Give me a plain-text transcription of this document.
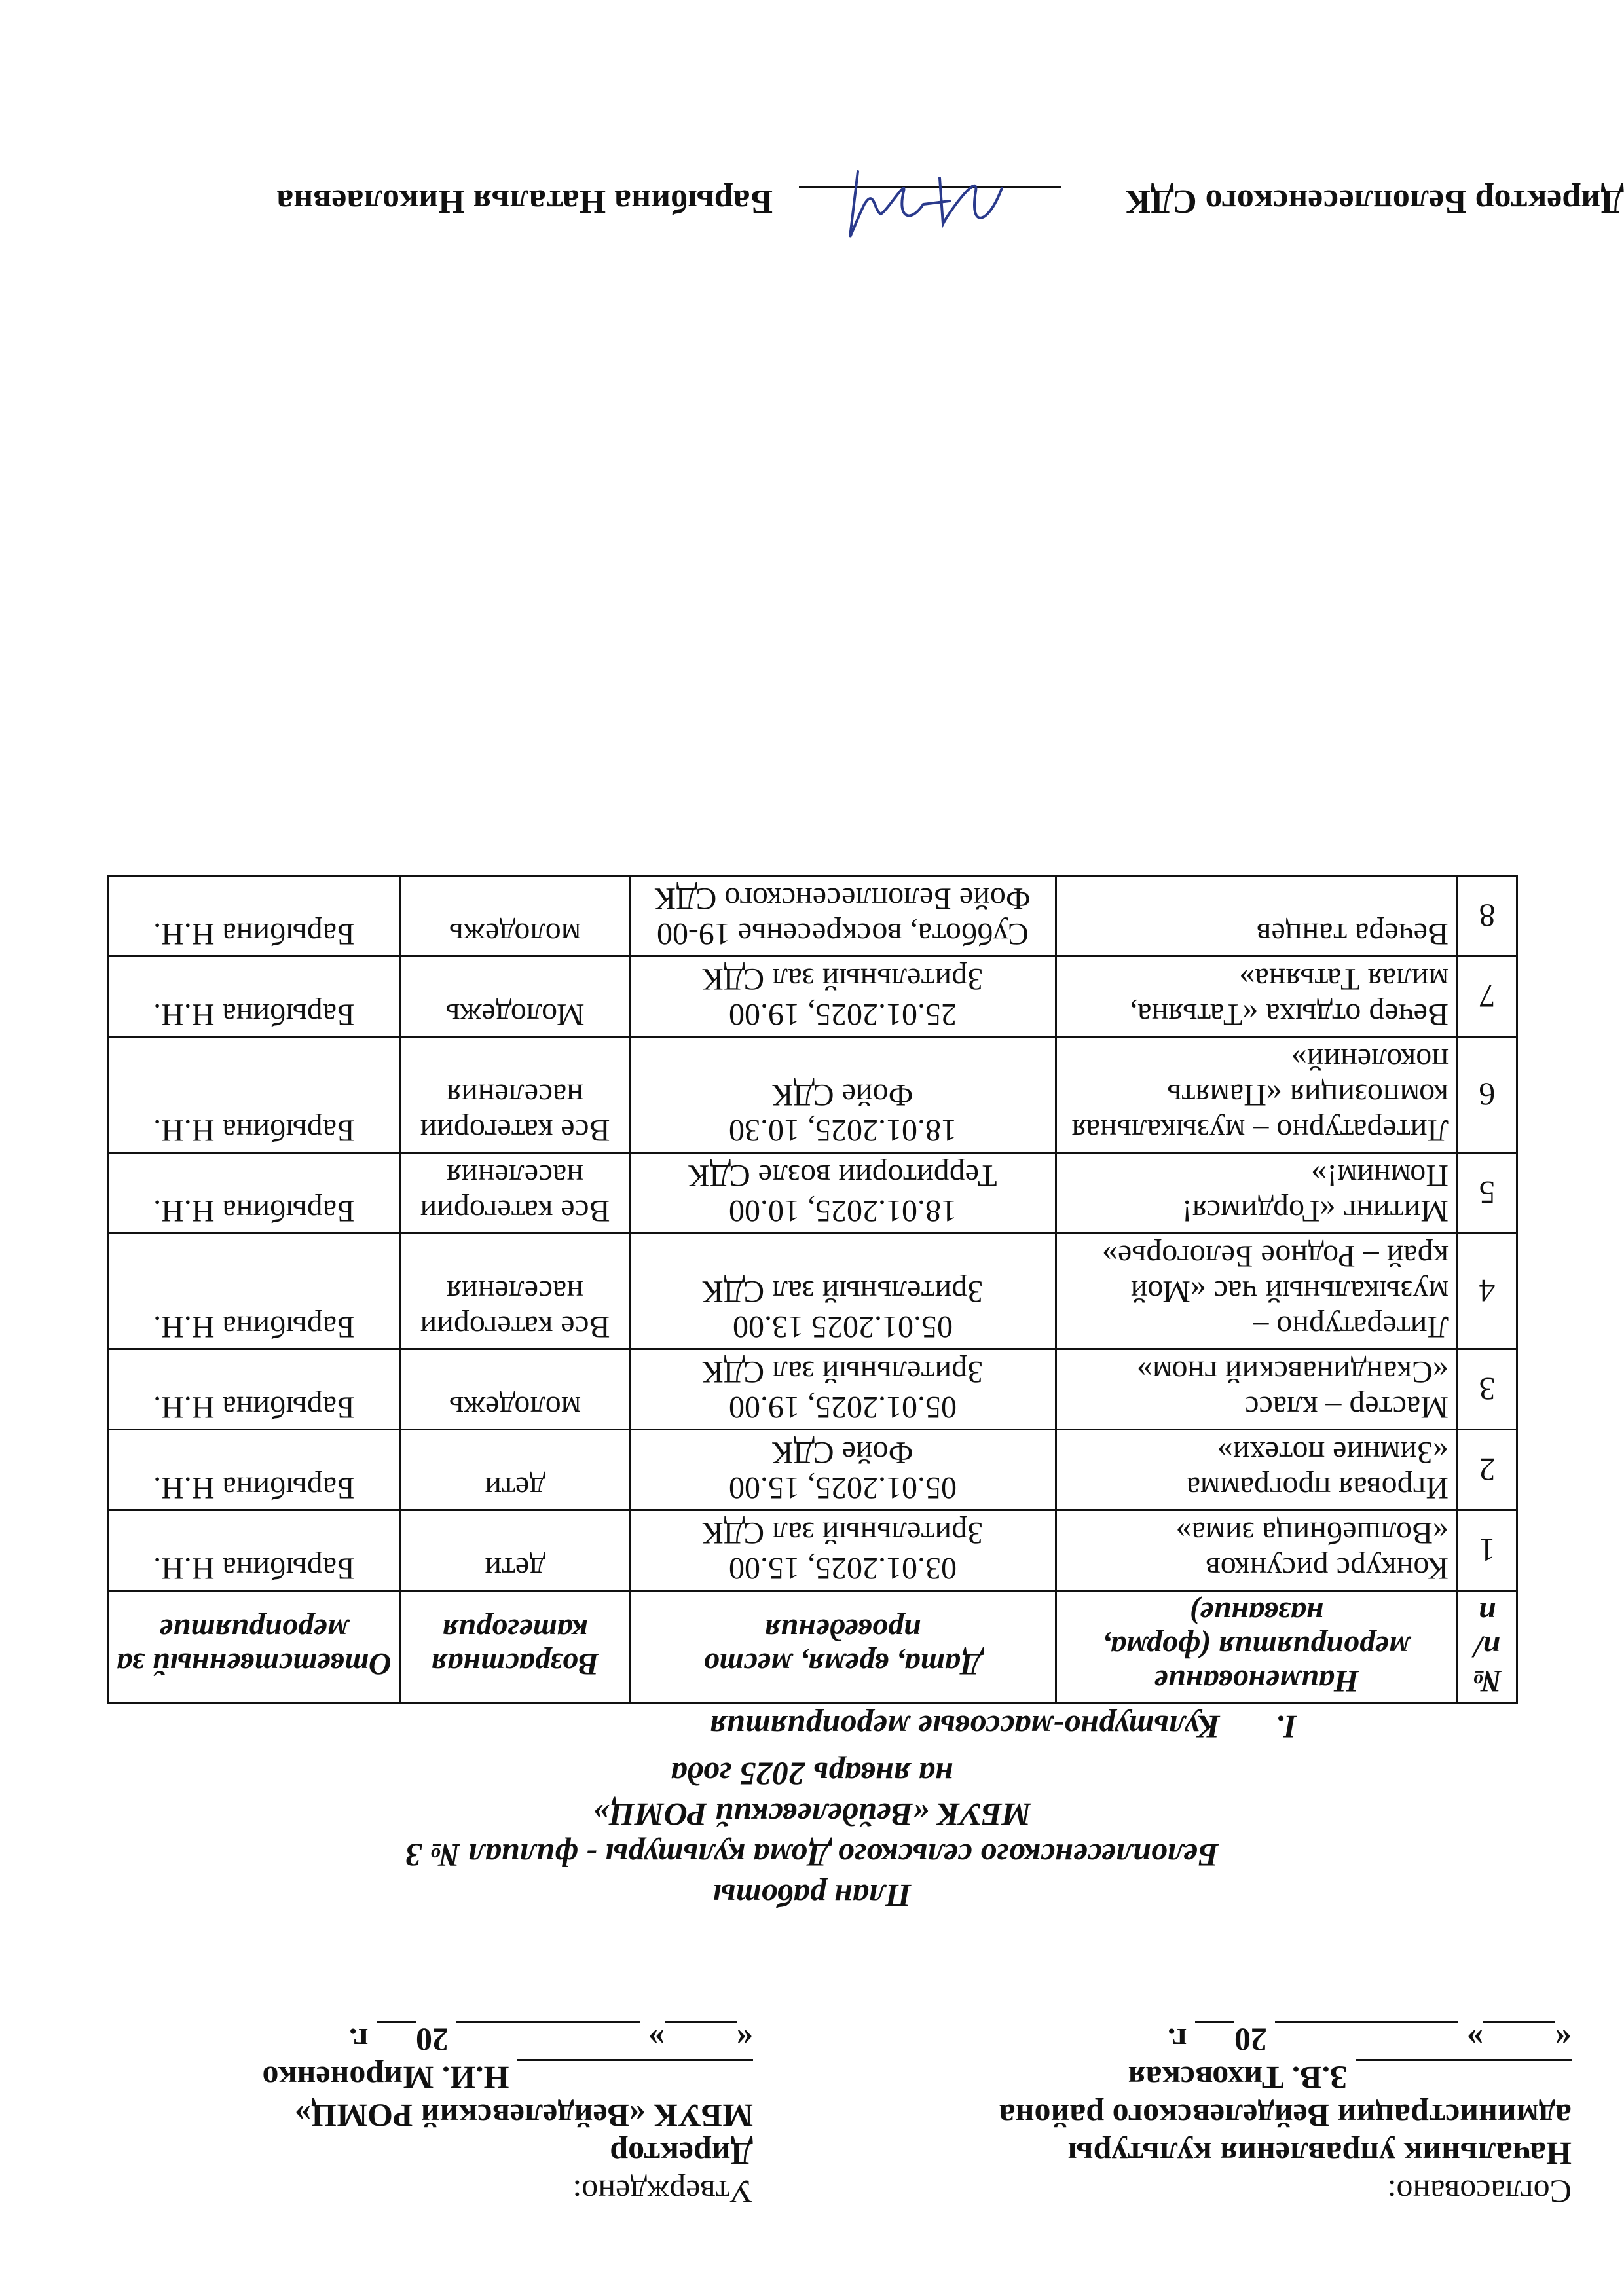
Согласовано:
Начальник управления культуры
администрации Вейделевского района
З.В. Тиховская
«»  20 г.
Утверждено:
Директор
МБУК «Вейделевский РОМЦ»
Н.И. Мироненко
«»  20 г.
План работы
Белоплесенского сельского Дома культуры - филиал № 3
МБУК «Вейделевский РОМЦ»
на январь 2025 года
I.  Культурно-массовые мероприятия
№ п/п	Наименование мероприятия (форма, название)	Дата, время, место проведения	Возрастная категория	Ответственный за мероприятие
1	Конкурс рисунков «Волшебница зима»	03.01.2025, 15.00
Зрительный зал СДК	дети	Барыбина Н.Н.
2	Игровая программа «Зимние потехи»	05.01.2025, 15.00
Фойе СДК	дети	Барыбина Н.Н.
3	Мастер – класс «Скандинавский гном»	05.01.2025, 19.00
Зрительный зал СДК	молодежь	Барыбина Н.Н.
4	Литературно – музыкальный час «Мой край – Родное Белогорье»	05.01.2025 13.00
Зрительный зал СДК	Все категории населения	Барыбина Н.Н.
5	Митинг «Гордимся! Помним!»	18.01.2025, 10.00
Территории возле СДК	Все категории населения	Барыбина Н.Н.
6	Литературно – музыкальная композиция «Память поколений»	18.01.2025, 10.30
Фойе СДК	Все категории населения	Барыбина Н.Н.
7	Вечер отдыха «Татьяна, милая Татьяна»	25.01.2025, 19.00
Зрительный зал СДК	Молодежь	Барыбина Н.Н.
8	Вечера танцев	Суббота, воскресенье 19-00
Фойе Белоплесенского СДК	молодежь	Барыбина Н.Н.
Директор Белоплесенского СДК
Барыбина Наталья Николаевна
